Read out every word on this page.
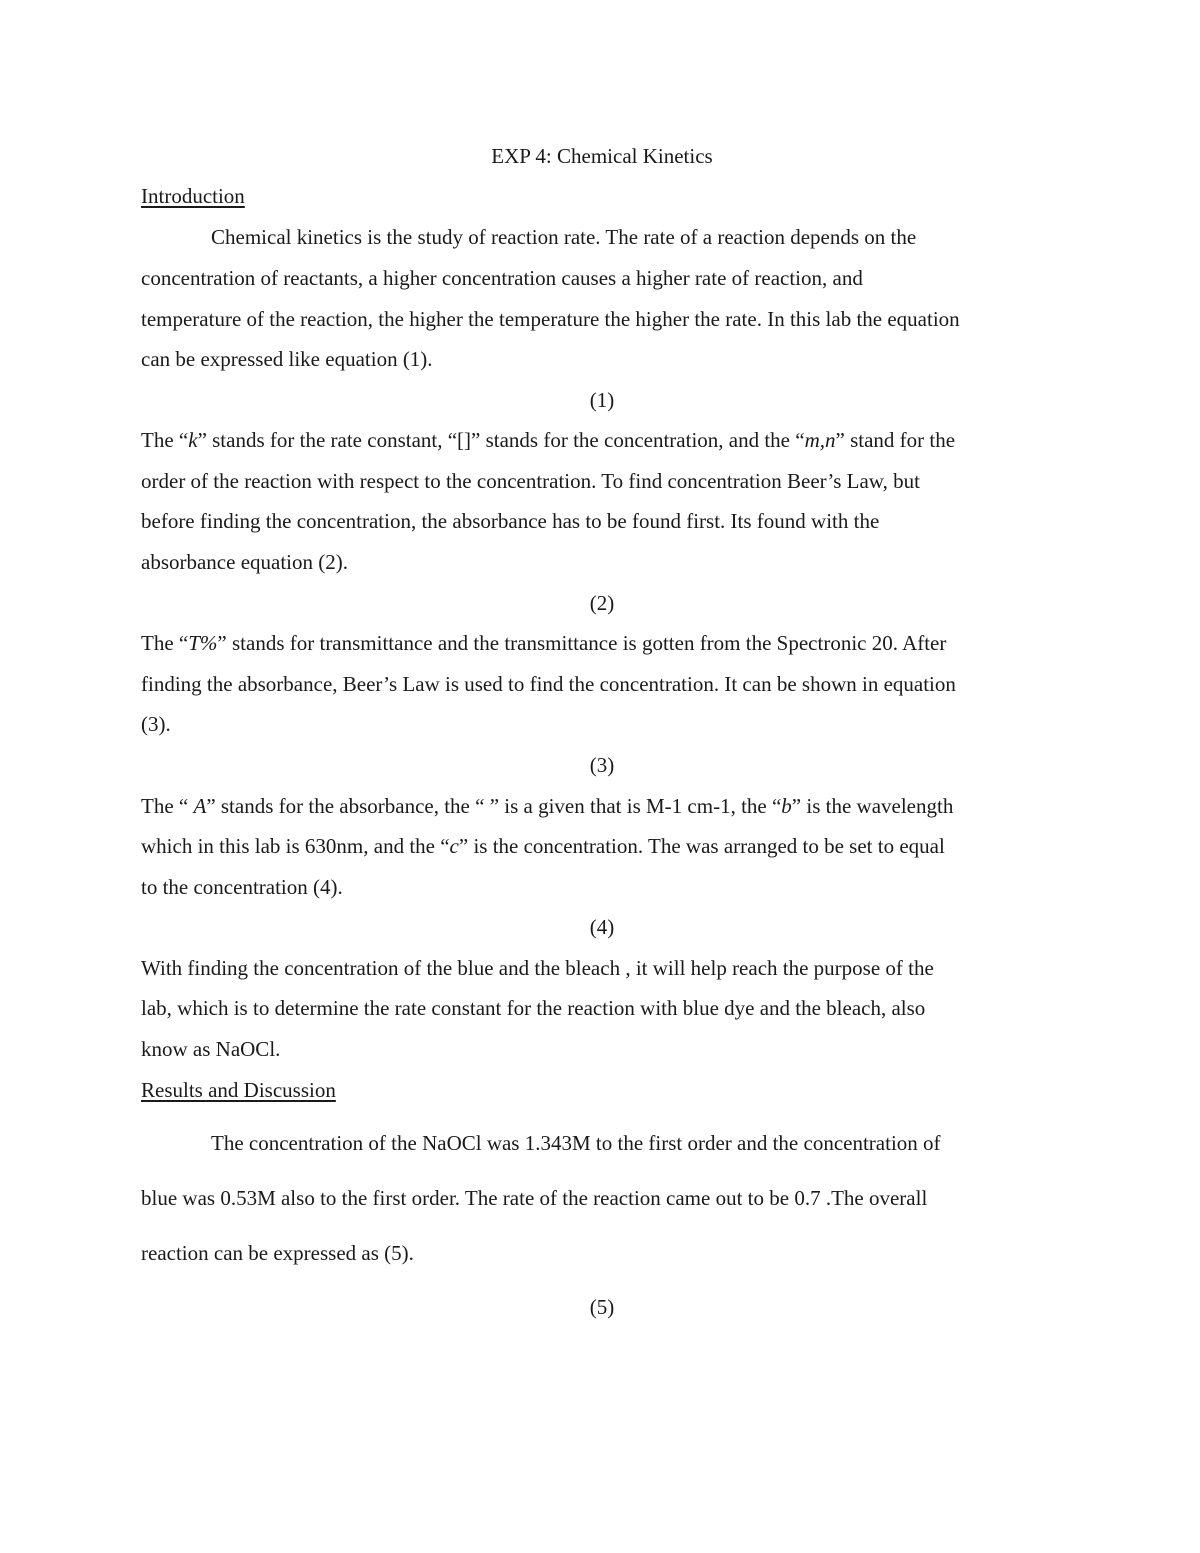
EXP 4: Chemical Kinetics
Introduction
Chemical kinetics is the study of reaction rate. The rate of a reaction depends on the
concentration of reactants, a higher concentration causes a higher rate of reaction, and
temperature of the reaction, the higher the temperature the higher the rate. In this lab the equation
can be expressed like equation (1).
(1)
The “k” stands for the rate constant, “[]” stands for the concentration, and the “m,n” stand for the
order of the reaction with respect to the concentration. To find concentration Beer’s Law, but
before finding the concentration, the absorbance has to be found first. Its found with the
absorbance equation (2).
(2)
The “T%” stands for transmittance and the transmittance is gotten from the Spectronic 20. After
finding the absorbance, Beer’s Law is used to find the concentration. It can be shown in equation
(3).
(3)
The “ A” stands for the absorbance, the “ ” is a given that is M-1 cm-1, the “b” is the wavelength
which in this lab is 630nm, and the “c” is the concentration. The was arranged to be set to equal
to the concentration (4).
(4)
With finding the concentration of the blue and the bleach , it will help reach the purpose of the
lab, which is to determine the rate constant for the reaction with blue dye and the bleach, also
know as NaOCl.
Results and Discussion
The concentration of the NaOCl was 1.343M to the first order and the concentration of
blue was 0.53M also to the first order. The rate of the reaction came out to be 0.7 .The overall
reaction can be expressed as (5).
(5)
